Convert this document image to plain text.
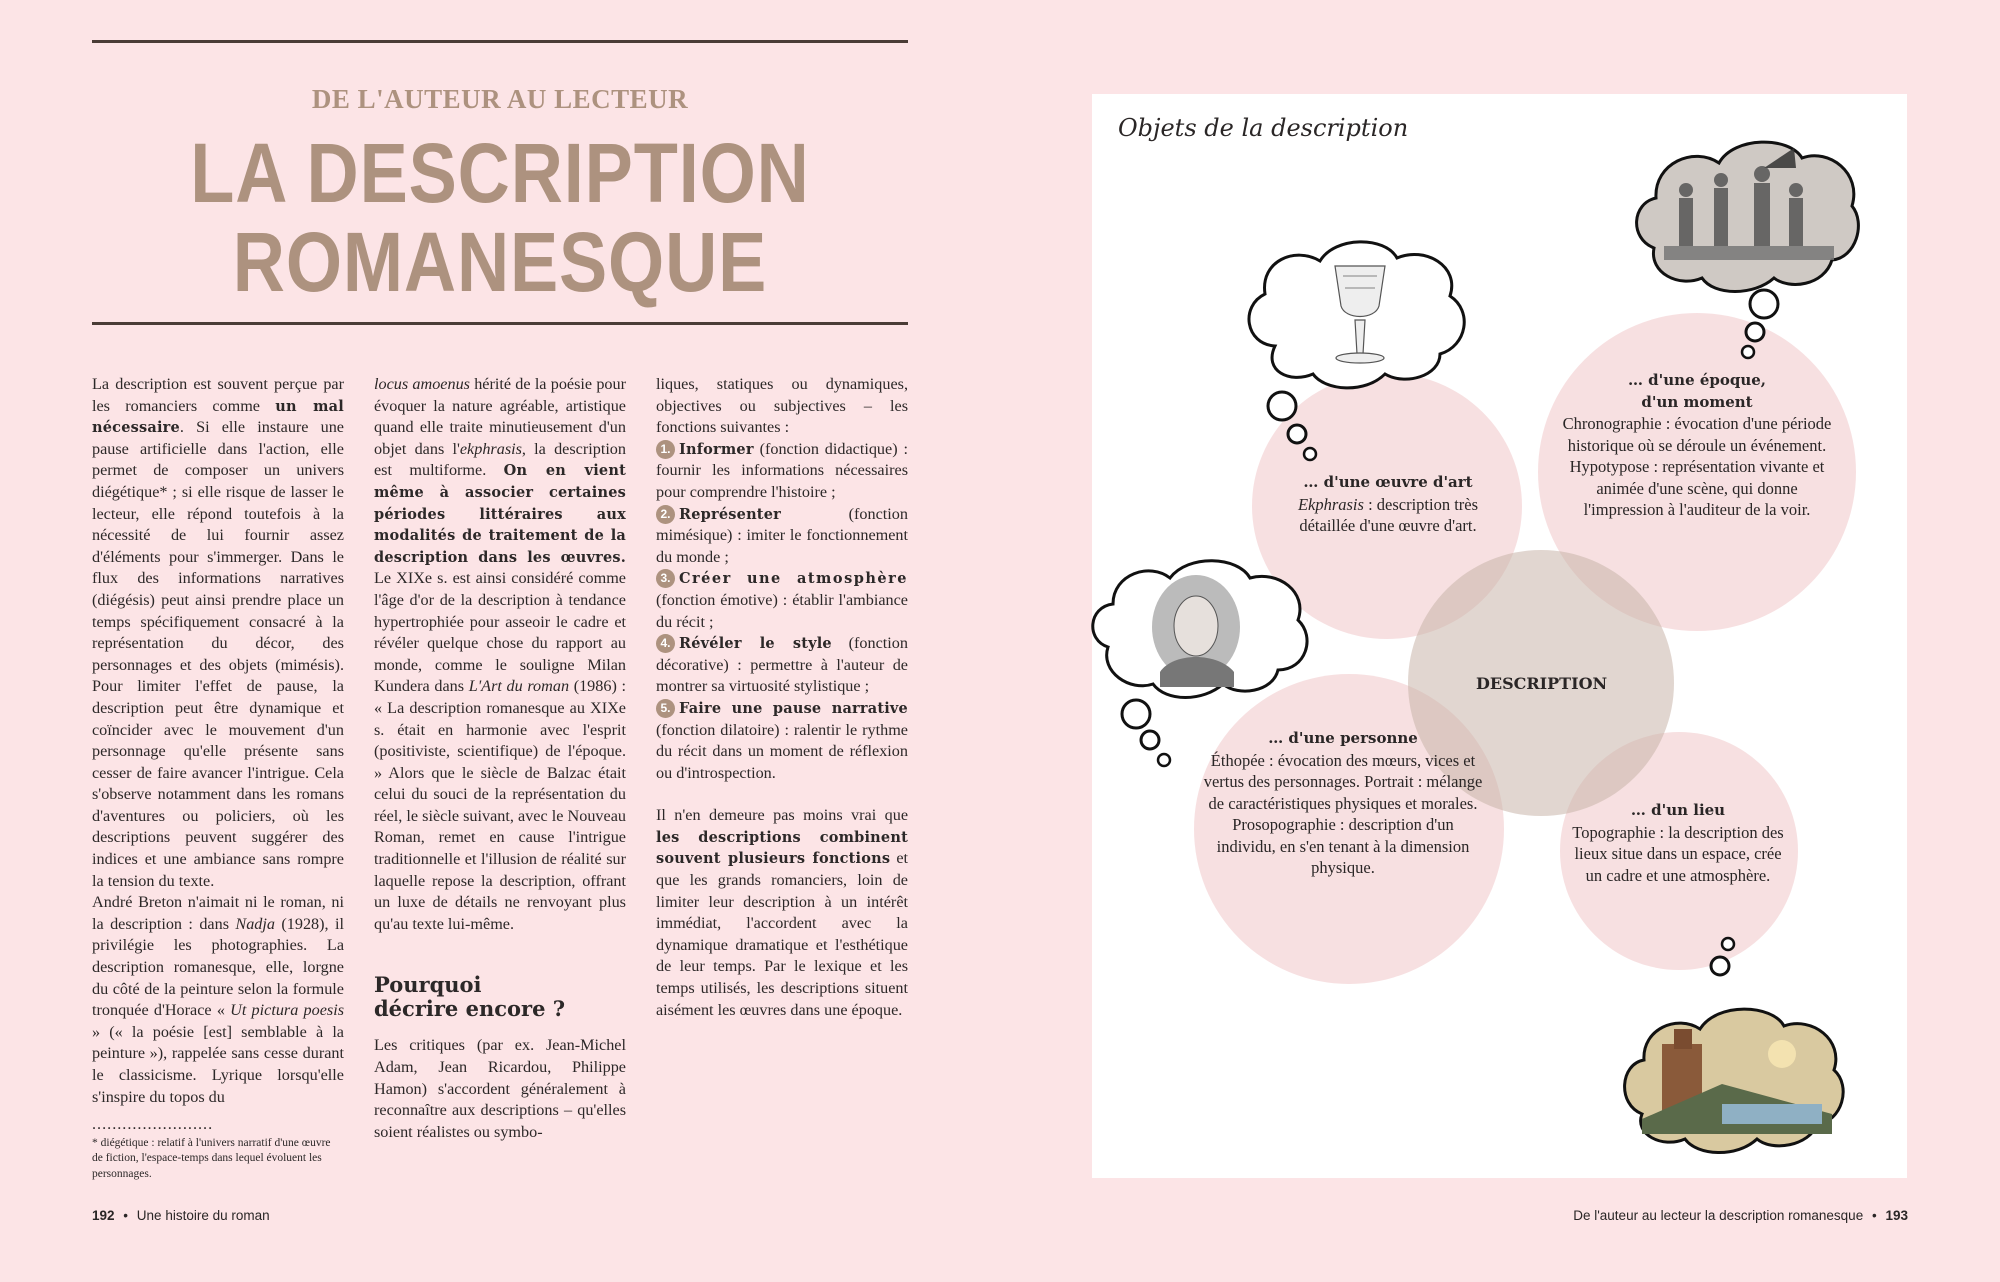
DE L'AUTEUR AU LECTEUR
LA DESCRIPTION
ROMANESQUE

La description est souvent perçue par les romanciers comme un mal nécessaire. Si elle instaure une pause artificielle dans l'action, elle permet de composer un univers diégétique* ; si elle risque de lasser le lecteur, elle répond toutefois à la nécessité de lui fournir assez d'éléments pour s'immerger. Dans le flux des informations narratives (diégésis) peut ainsi prendre place un temps spécifiquement consacré à la représentation du décor, des personnages et des objets (mimésis). Pour limiter l'effet de pause, la description peut être dynamique et coïncider avec le mouvement d'un personnage qu'elle présente sans cesser de faire avancer l'intrigue. Cela s'observe notamment dans les romans d'aventures ou policiers, où les descriptions peuvent suggérer des indices et une ambiance sans rompre la tension du texte.

André Breton n'aimait ni le roman, ni la description : dans Nadja (1928), il privilégie les photographies. La description romanesque, elle, lorgne du côté de la peinture selon la formule tronquée d'Horace « Ut pictura poesis » (« la poésie [est] semblable à la peinture »), rappelée sans cesse durant le classicisme. Lyrique lorsqu'elle s'inspire du topos du

........................

* diégétique : relatif à l'univers narratif d'une œuvre de fiction, l'espace-temps dans lequel évoluent les personnages.

locus amoenus hérité de la poésie pour évoquer la nature agréable, artistique quand elle traite minutieusement d'un objet dans l'ekphrasis, la description est multiforme. On en vient même à associer certaines périodes littéraires aux modalités de traitement de la description dans les œuvres. Le XIXe s. est ainsi considéré comme l'âge d'or de la description à tendance hypertrophiée pour asseoir le cadre et révéler quelque chose du rapport au monde, comme le souligne Milan Kundera dans L'Art du roman (1986) : « La description romanesque au XIXe s. était en harmonie avec l'esprit (positiviste, scientifique) de l'époque. » Alors que le siècle de Balzac était celui du souci de la représentation du réel, le siècle suivant, avec le Nouveau Roman, remet en cause l'intrigue traditionnelle et l'illusion de réalité sur laquelle repose la description, offrant un luxe de détails ne renvoyant plus qu'au texte lui-même.

Pourquoi
décrire encore ?

Les critiques (par ex. Jean-Michel Adam, Jean Ricardou, Philippe Hamon) s'accordent généralement à reconnaître aux descriptions – qu'elles soient réalistes ou symbo-

liques, statiques ou dynamiques, objectives ou subjectives – les fonctions suivantes :

1. Informer (fonction didactique) : fournir les informations nécessaires pour comprendre l'histoire ;

2. Représenter (fonction mimésique) : imiter le fonctionnement du monde ;

3. Créer une atmosphère (fonction émotive) : établir l'ambiance du récit ;

4. Révéler le style (fonction décorative) : permettre à l'auteur de montrer sa virtuosité stylistique ;

5. Faire une pause narrative (fonction dilatoire) : ralentir le rythme du récit dans un moment de réflexion ou d'introspection.

Il n'en demeure pas moins vrai que les descriptions combinent souvent plusieurs fonctions et que les grands romanciers, loin de limiter leur description à un intérêt immédiat, l'accordent avec la dynamique dramatique et l'esthétique de leur temps. Par le lexique et les temps utilisés, les descriptions situent aisément les œuvres dans une époque.

192 • Une histoire du roman
Objets de la description
DESCRIPTION
… d'une œuvre d'art
Ekphrasis : description très détaillée d'une œuvre d'art.
… d'une époque,
d'un moment
Chronographie : évocation d'une période historique où se déroule un événement. Hypotypose : représentation vivante et animée d'une scène, qui donne l'impression à l'auditeur de la voir.
… d'une personne
Éthopée : évocation des mœurs, vices et vertus des personnages. Portrait : mélange de caractéristiques physiques et morales. Prosopographie : description d'un individu, en s'en tenant à la dimension physique.
… d'un lieu
Topographie : la description des lieux situe dans un espace, crée un cadre et une atmosphère.
De l'auteur au lecteur la description romanesque • 193
